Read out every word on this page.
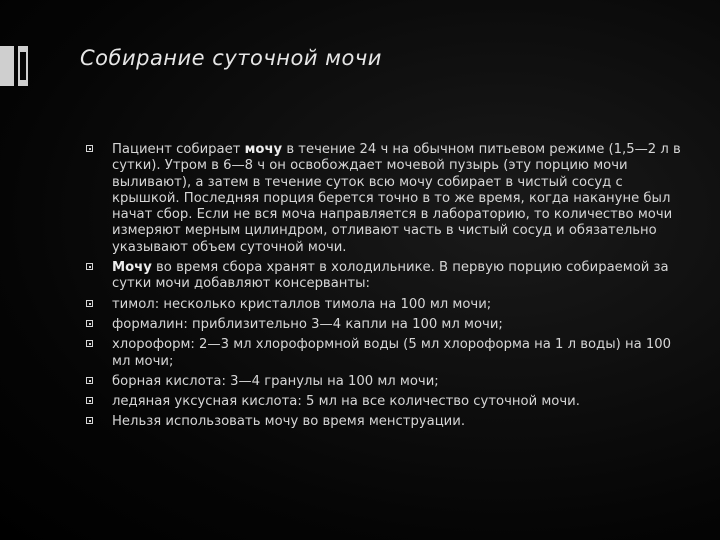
Собирание суточной мочи
Пациент собирает мочу в течение 24 ч на обычном питьевом режиме (1,5—2 л в сутки). Утром в 6—8 ч он освобождает мочевой пузырь (эту порцию мочи выливают), а затем в течение суток всю мочу собирает в чистый сосуд с крышкой. Последняя порция берется точно в то же время, когда накануне был начат сбор. Если не вся моча направляется в лабораторию, то количество мочи измеряют мерным цилиндром, отливают часть в чистый сосуд и обязательно указывают объем суточной мочи.
Мочу во время сбора хранят в холодильнике. В первую порцию собираемой за сутки мочи добавляют консерванты:
тимол: несколько кристаллов тимола на 100 мл мочи;
формалин: приблизительно 3—4 капли на 100 мл мочи;
хлороформ: 2—3 мл хлороформной воды (5 мл хлороформа на 1 л воды) на 100 мл мочи;
борная кислота: 3—4 гранулы на 100 мл мочи;
ледяная уксусная кислота: 5 мл на все количество суточной мочи.
Нельзя использовать мочу во время менструации.
